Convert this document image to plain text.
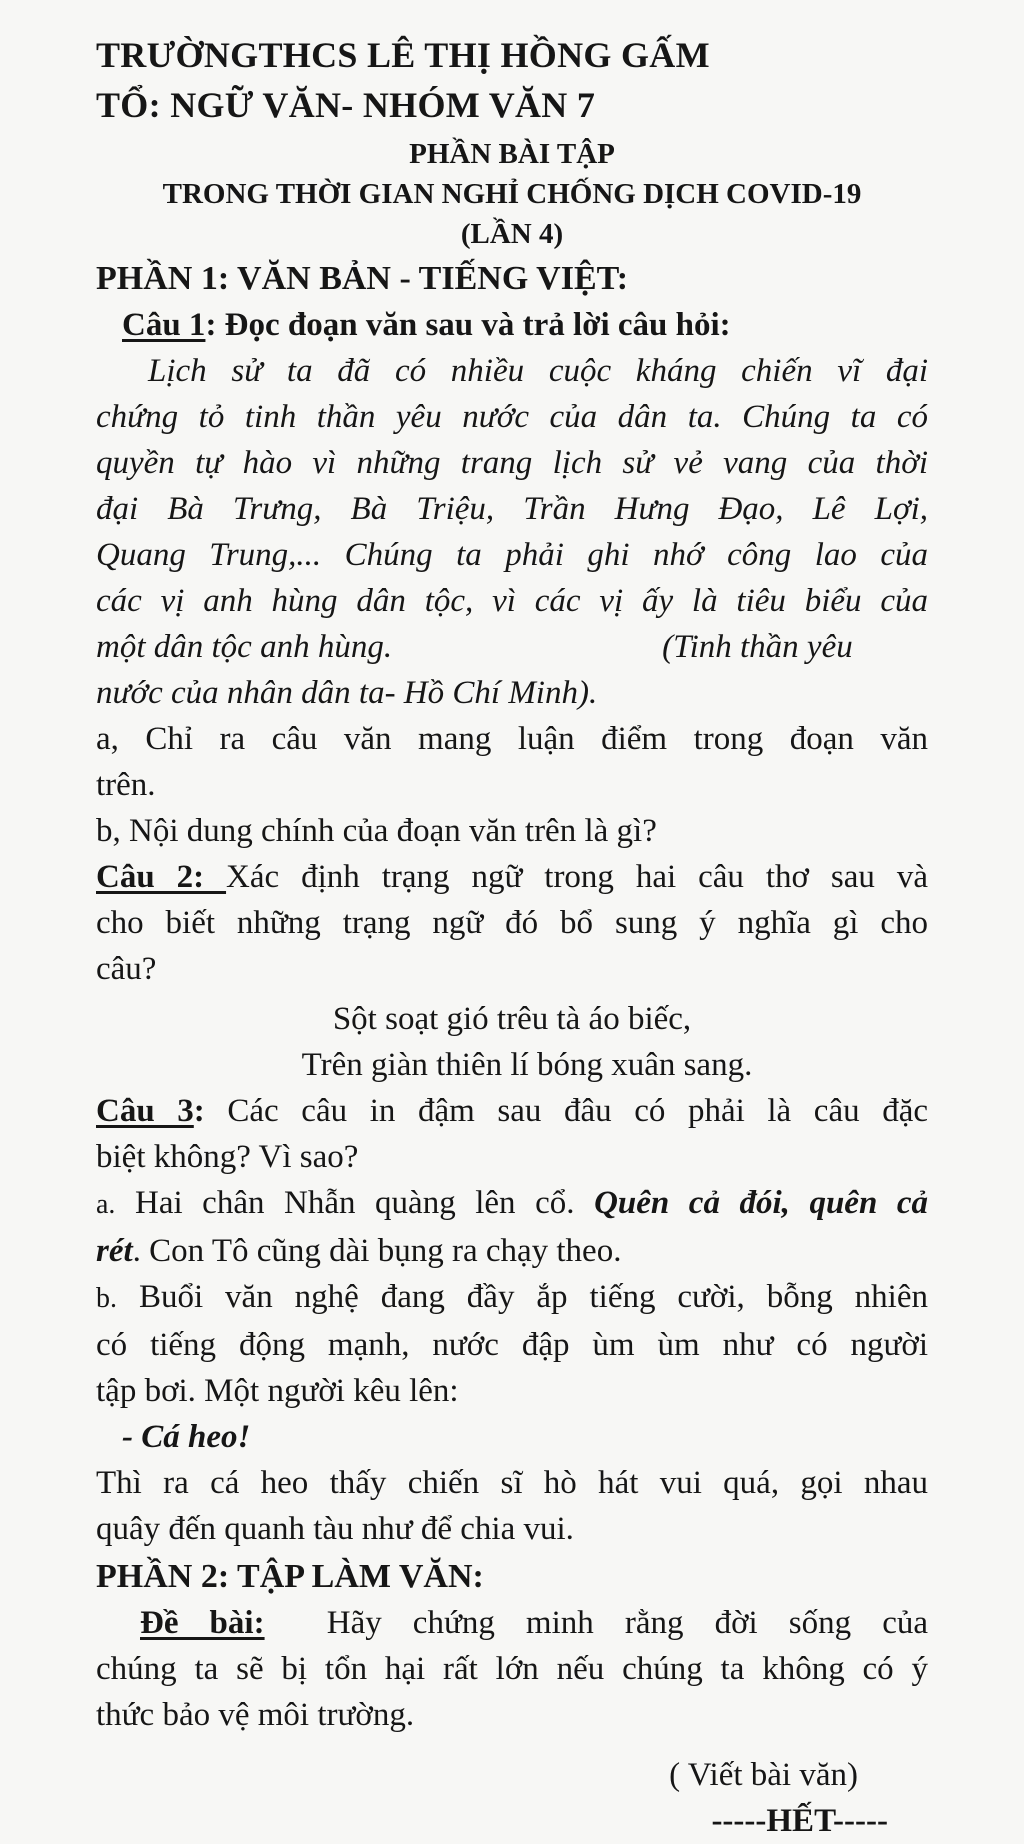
TRƯỜNGTHCS LÊ THỊ HỒNG GẤM

TỔ: NGỮ VĂN- NHÓM VĂN 7

PHẦN BÀI TẬP

TRONG THỜI GIAN NGHỈ CHỐNG DỊCH COVID-19

(LẦN 4)

PHẦN 1: VĂN BẢN - TIẾNG VIỆT:

Câu 1: Đọc đoạn văn sau và trả lời câu hỏi:

Lịch sử ta đã có nhiều cuộc kháng chiến vĩ đại

chứng tỏ tinh thần yêu nước của dân ta. Chúng ta có

quyền tự hào vì những trang lịch sử vẻ vang của thời

đại Bà Trưng, Bà Triệu, Trần Hưng Đạo, Lê Lợi,

Quang Trung,... Chúng ta phải ghi nhớ công lao của

các vị anh hùng dân tộc, vì các vị ấy là tiêu biểu của

một dân tộc anh hùng.	(Tinh thần yêu

nước của nhân dân ta- Hồ Chí Minh).

a, Chỉ ra câu văn mang luận điểm trong đoạn văn

trên.

b, Nội dung chính của đoạn văn trên là gì?

Câu 2: Xác định trạng ngữ trong hai câu thơ sau và

cho biết những trạng ngữ đó bổ sung ý nghĩa gì cho

câu?

Sột soạt gió trêu tà áo biếc,

Trên giàn thiên lí bóng xuân sang.

Câu 3: Các câu in đậm sau đâu có phải là câu đặc

biệt không? Vì sao?

a. Hai chân Nhẫn quàng lên cổ. Quên cả đói, quên cả

rét. Con Tô cũng dài bụng ra chạy theo.

b. Buổi văn nghệ đang đầy ắp tiếng cười, bỗng nhiên

có tiếng động mạnh, nước đập ùm ùm như có người

tập bơi. Một người kêu lên:

- Cá heo!

Thì ra cá heo thấy chiến sĩ hò hát vui quá, gọi nhau

quây đến quanh tàu như để chia vui.

PHẦN 2: TẬP LÀM VĂN:

Đề bài: Hãy chứng minh rằng đời sống của

chúng ta sẽ bị tổn hại rất lớn nếu chúng ta không có ý

thức bảo vệ môi trường.

( Viết bài văn)

-----HẾT-----
